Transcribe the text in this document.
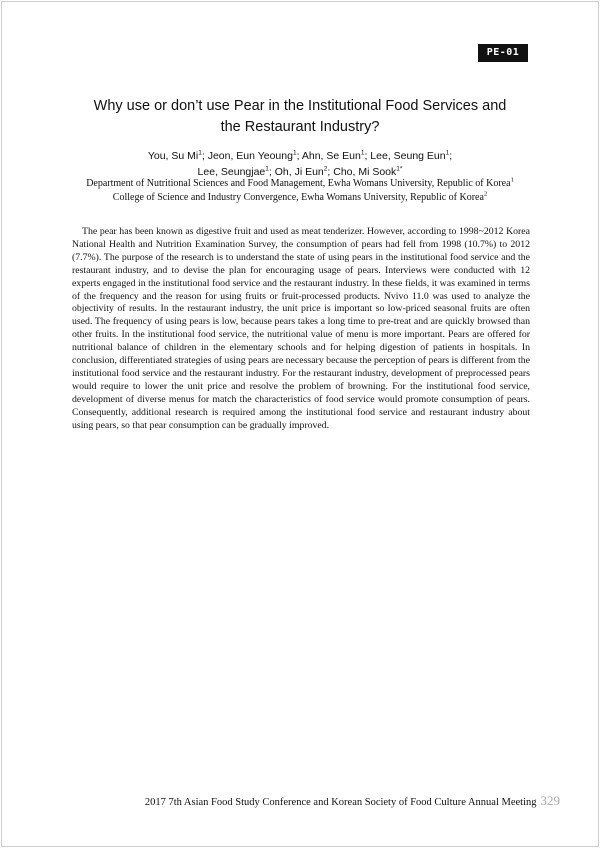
PE-01
Why use or don’t use Pear in the Institutional Food Services and
the Restaurant Industry?
You, Su Mi$^1$; Jeon, Eun Yeoung$^1$; Ahn, Se Eun$^1$; Lee, Seung Eun$^1$;
Lee, Seungjae$^1$; Oh, Ji Eun$^2$; Cho, Mi Sook$^{1*}$
Department of Nutritional Sciences and Food Management, Ewha Womans University, Republic of Korea$^1$
College of Science and Industry Convergence, Ewha Womans University, Republic of Korea$^2$

The pear has been known as digestive fruit and used as meat tenderizer. However, according to 1998~2012 Korea National Health and Nutrition Examination Survey, the consumption of pears had fell from 1998 (10.7%) to 2012 (7.7%). The purpose of the research is to understand the state of using pears in the institutional food service and the restaurant industry, and to devise the plan for encouraging usage of pears. Interviews were conducted with 12 experts engaged in the institutional food service and the restaurant industry. In these fields, it was examined in terms of the frequency and the reason for using fruits or fruit-processed products. Nvivo 11.0 was used to analyze the objectivity of results. In the restaurant industry, the unit price is important so low-priced seasonal fruits are often used. The frequency of using pears is low, because pears takes a long time to pre-treat and are quickly browsed than other fruits. In the institutional food service, the nutritional value of menu is more important. Pears are offered for nutritional balance of children in the elementary schools and for helping digestion of patients in hospitals. In conclusion, differentiated strategies of using pears are necessary because the perception of pears is different from the institutional food service and the restaurant industry. For the restaurant industry, development of preprocessed pears would require to lower the unit price and resolve the problem of browning. For the institutional food service, development of diverse menus for match the characteristics of food service would promote consumption of pears. Consequently, additional research is required among the institutional food service and restaurant industry about using pears, so that pear consumption can be gradually improved.

2017 7th Asian Food Study Conference and Korean Society of Food Culture Annual Meeting 329
